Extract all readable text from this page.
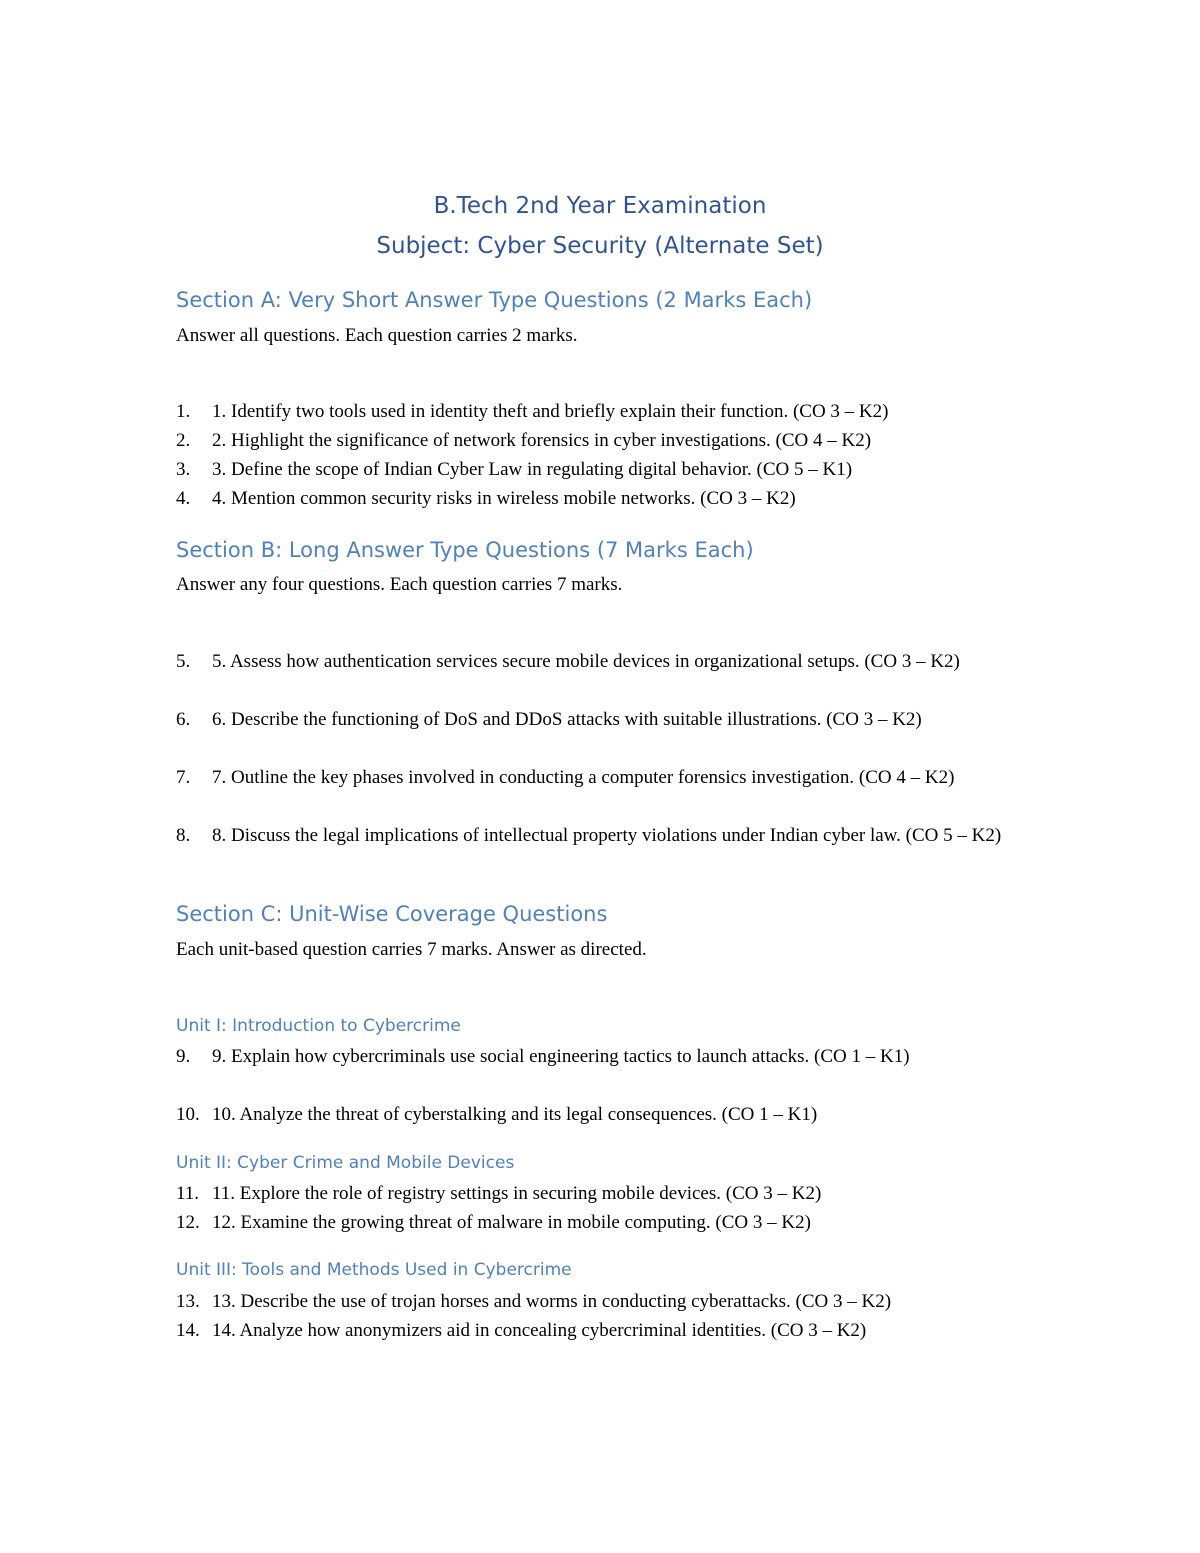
B.Tech 2nd Year Examination
Subject: Cyber Security (Alternate Set)
Section A: Very Short Answer Type Questions (2 Marks Each)
Answer all questions. Each question carries 2 marks.
1. 1. Identify two tools used in identity theft and briefly explain their function. (CO 3 – K2)
2. 2. Highlight the significance of network forensics in cyber investigations. (CO 4 – K2)
3. 3. Define the scope of Indian Cyber Law in regulating digital behavior. (CO 5 – K1)
4. 4. Mention common security risks in wireless mobile networks. (CO 3 – K2)
Section B: Long Answer Type Questions (7 Marks Each)
Answer any four questions. Each question carries 7 marks.
5. 5. Assess how authentication services secure mobile devices in organizational setups. (CO 3 – K2)
6. 6. Describe the functioning of DoS and DDoS attacks with suitable illustrations. (CO 3 – K2)
7. 7. Outline the key phases involved in conducting a computer forensics investigation. (CO 4 – K2)
8. 8. Discuss the legal implications of intellectual property violations under Indian cyber law. (CO 5 – K2)
Section C: Unit-Wise Coverage Questions
Each unit-based question carries 7 marks. Answer as directed.
Unit I: Introduction to Cybercrime
9. 9. Explain how cybercriminals use social engineering tactics to launch attacks. (CO 1 – K1)
10. 10. Analyze the threat of cyberstalking and its legal consequences. (CO 1 – K1)
Unit II: Cyber Crime and Mobile Devices
11. 11. Explore the role of registry settings in securing mobile devices. (CO 3 – K2)
12. 12. Examine the growing threat of malware in mobile computing. (CO 3 – K2)
Unit III: Tools and Methods Used in Cybercrime
13. 13. Describe the use of trojan horses and worms in conducting cyberattacks. (CO 3 – K2)
14. 14. Analyze how anonymizers aid in concealing cybercriminal identities. (CO 3 – K2)
